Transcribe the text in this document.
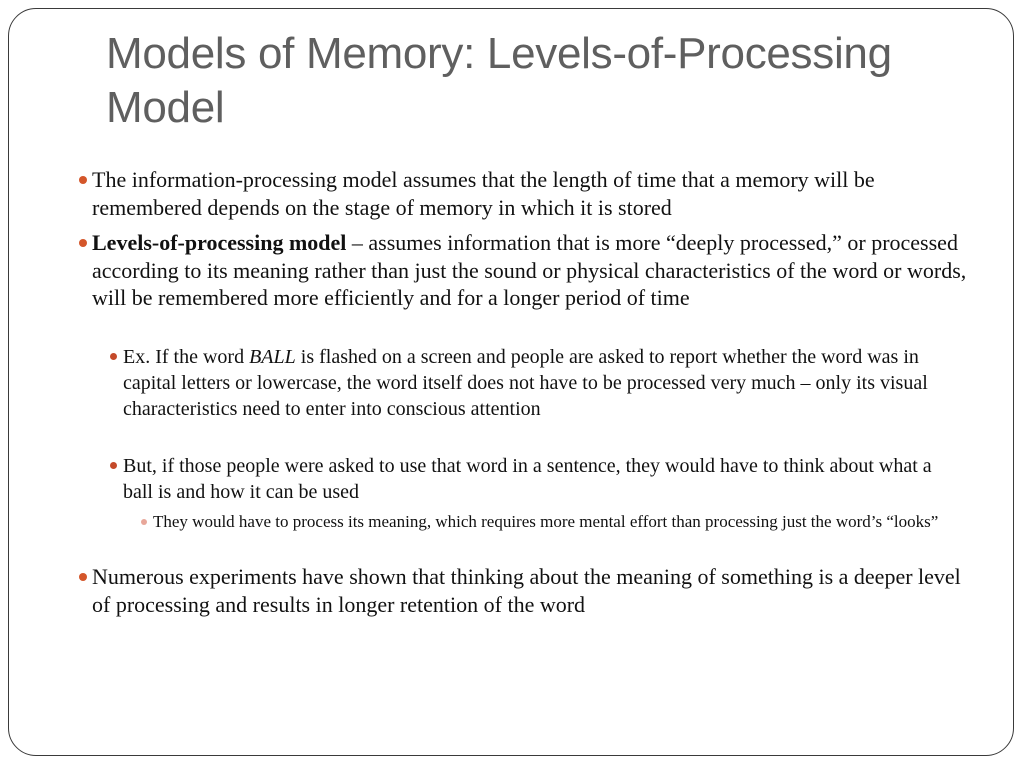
Models of Memory: Levels-of-Processing Model
The information-processing model assumes that the length of time that a memory will be remembered depends on the stage of memory in which it is stored
Levels-of-processing model – assumes information that is more “deeply processed,” or processed according to its meaning rather than just the sound or physical characteristics of the word or words, will be remembered more efficiently and for a longer period of time
Ex. If the word BALL is flashed on a screen and people are asked to report whether the word was in capital letters or lowercase, the word itself does not have to be processed very much – only its visual characteristics need to enter into conscious attention
But, if those people were asked to use that word in a sentence, they would have to think about what a ball is and how it can be used
They would have to process its meaning, which requires more mental effort than processing just the word’s “looks”
Numerous experiments have shown that thinking about the meaning of something is a deeper level of processing and results in longer retention of the word
